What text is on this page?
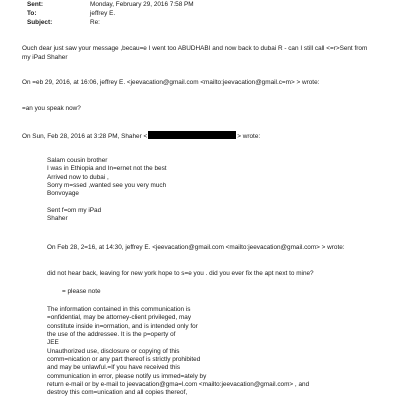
Sent:	Monday, February 29, 2016 7:58 PM
To:	jeffrey E.
Subject:	Re:
Ouch dear just saw your message ,becau=e I went too ABUDHABI and now back to dubai R - can I still call <=r>Sent from
my iPad Shaher
On =eb 29, 2016, at 16:06, jeffrey E. <jeevacation@gmail.com <mailto:jeevacation@gmail.c=m> > wrote:
=an you speak now?
On Sun, Feb 28, 2016 at 3:28 PM, Shaher <	> wrote:
Salam cousin brother
I was in Ethiopia and In=ernet not the best
Arrived now to dubai ,
Sorry m=ssed ,wanted see you very much
Bonvoyage
Sent f=om my iPad
Shaher
On Feb 28, 2=16, at 14:30, jeffrey E. <jeevacation@gmail.com <mailto:jeevacation@gmail.com> > wrote:
did not hear back, leaving for new york hope to s=e you . did you ever fix the apt next to mine?
= please note
The information contained in this communication is
=onfidential, may be attorney-client privileged, may
constitute inside in=ormation, and is intended only for
the use of the addressee. It is the p=operty of
JEE
Unauthorized use, disclosure or copying of this
comm=nication or any part thereof is strictly prohibited
and may be unlawful.=If you have received this
communication in error, please notify us immed=ately by
return e-mail or by e-mail to jeevacation@gma=l.com <mailto:jeevacation@gmail.com> , and
destroy this com=unication and all copies thereof,
